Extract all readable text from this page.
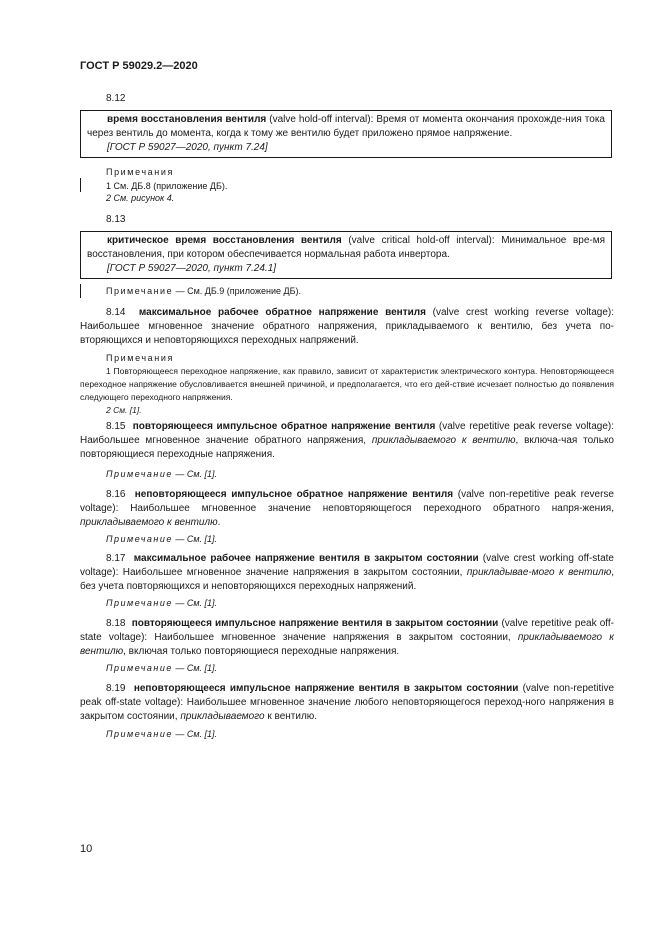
ГОСТ Р 59029.2—2020
8.12

время восстановления вентиля (valve hold-off interval): Время от момента окончания прохожде-ния тока через вентиль до момента, когда к тому же вентилю будет приложено прямое напряжение.

[ГОСТ Р 59027—2020, пункт 7.24]

Примечания
1 См. ДБ.8 (приложение ДБ).
2 См. рисунок 4.
8.13

критическое время восстановления вентиля (valve critical hold-off interval): Минимальное вре-мя восстановления, при котором обеспечивается нормальная работа инвертора.

[ГОСТ Р 59027—2020, пункт 7.24.1]

Примечание — См. ДБ.9 (приложение ДБ).
8.14 максимальное рабочее обратное напряжение вентиля (valve crest working reverse voltage): Наибольшее мгновенное значение обратного напряжения, прикладываемого к вентилю, без учета по-вторяющихся и неповторяющихся переходных напряжений.
Примечания

1 Повторяющееся переходное напряжение, как правило, зависит от характеристик электрического контура. Неповторяющееся переходное напряжение обусловливается внешней причиной, и предполагается, что его дей-ствие исчезает полностью до появления следующего переходного напряжения.

2 См. [1].

8.15 повторяющееся импульсное обратное напряжение вентиля (valve repetitive peak reverse voltage): Наибольшее мгновенное значение обратного напряжения, прикладываемого к вентилю, включа-чая только повторяющиеся переходные напряжения.
Примечание — См. [1].
8.16 неповторяющееся импульсное обратное напряжение вентиля (valve non-repetitive peak reverse voltage): Наибольшее мгновенное значение неповторяющегося переходного обратного напря-жения, прикладываемого к вентилю.
Примечание — См. [1].
8.17 максимальное рабочее напряжение вентиля в закрытом состоянии (valve crest working off-state voltage): Наибольшее мгновенное значение напряжения в закрытом состоянии, прикладывае-мого к вентилю, без учета повторяющихся и неповторяющихся переходных напряжений.
Примечание — См. [1].
8.18 повторяющееся импульсное напряжение вентиля в закрытом состоянии (valve repetitive peak off-state voltage): Наибольшее мгновенное значение напряжения в закрытом состоянии, прикладываемого к вентилю, включая только повторяющиеся переходные напряжения.
Примечание — См. [1].
8.19 неповторяющееся импульсное напряжение вентиля в закрытом состоянии (valve non-repetitive peak off-state voltage): Наибольшее мгновенное значение любого неповторяющегося переход-ного напряжения в закрытом состоянии, прикладываемого к вентилю.
Примечание — См. [1].
10
